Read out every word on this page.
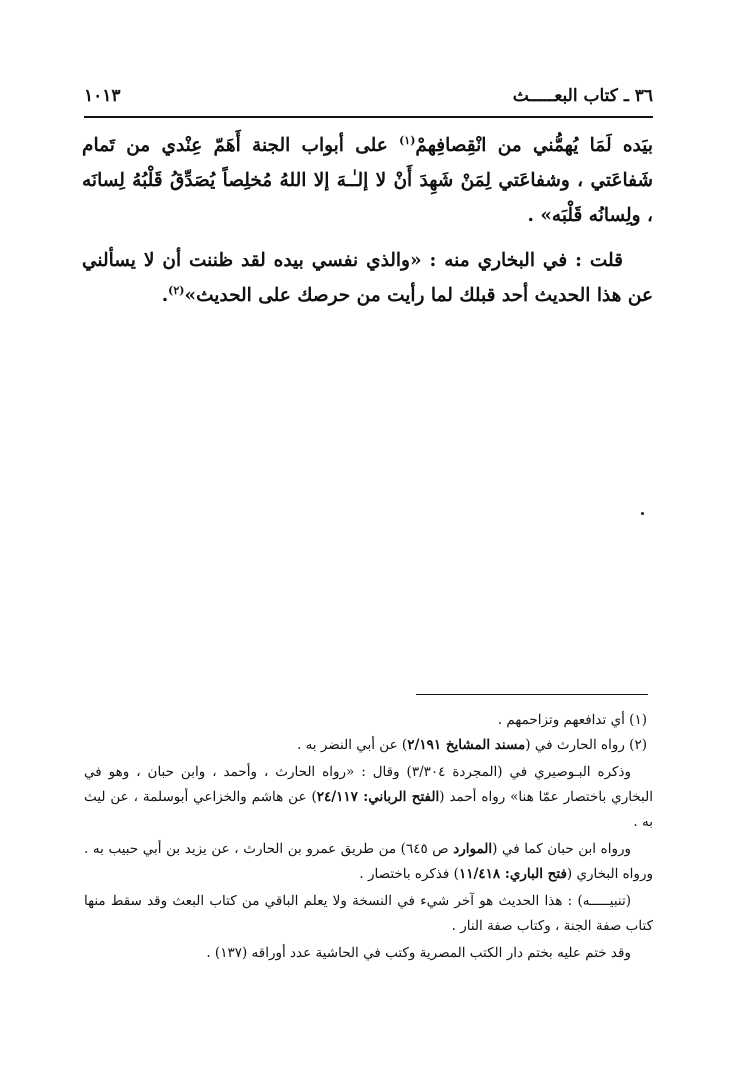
٣٦ ـ كتاب البعـــــث
١٠١٣

بيَده لَمَا يُهمُّني من انْقِصافِهمْ$^{(١)}$ على أبواب الجنة أَهَمّ عِنْدي من تَمام شَفاعَتي ، وشفاعَتي لِمَنْ شَهِدَ أَنْ لا إلـٰـهَ إلا اللهُ مُخلِصاً يُصَدِّقُ قَلْبُهُ لِسانَه ، ولِسانُه قَلْبَه» .

قلت : في البخاري منه : «والذي نفسي بيده لقد ظننت أن لا يسألني عن هذا الحديث أحد قبلك لما رأيت من حرصك على الحديث»$^{(٢)}$.

(١) أي تدافعهم وتزاحمهم .

(٢) رواه الحارث في (مسند المشايخ ٢/١٩١) عن أبي النضر به .

وذكره البـوصيري في (المجردة ٣/٣٠٤) وقال : «رواه الحارث ، وأحمد ، وابن حبان ، وهو في البخاري باختصار عمّا هنا» رواه أحمد (الفتح الرباني: ٢٤/١١٧) عن هاشم والخزاعي أبوسلمة ، عن ليث به .

ورواه ابن حبان كما في (الموارد ص ٦٤٥) من طريق عمرو بن الحارث ، عن يزيد بن أبي حبيب به . ورواه البخاري (فتح الباري: ١١/٤١٨) فذكره باختصار .

(تنبيـــــه) : هذا الحديث هو آخر شيء في النسخة ولا يعلم الباقي من كتاب البعث وقد سقط منها كتاب صفة الجنة ، وكتاب صفة النار .

وقد ختم عليه بختم دار الكتب المصرية وكتب في الحاشية عدد أوراقه (١٣٧) .
